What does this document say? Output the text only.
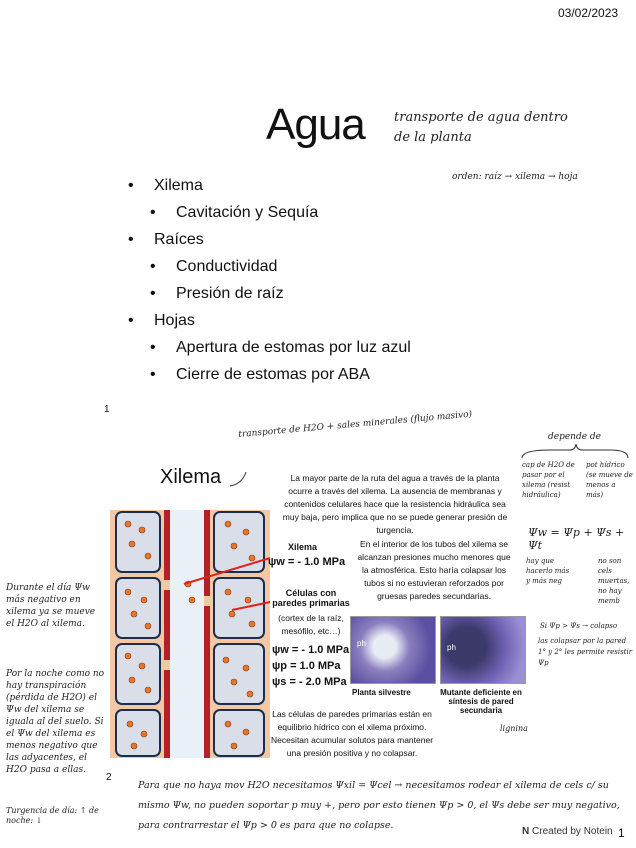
03/02/2023
Agua transporte de agua dentro
de la planta
orden: raíz → xilema → hoja
• Xilema
• Cavitación y Sequía
• Raíces
• Conductividad
• Presión de raíz
• Hojas
• Apertura de estomas por luz azul
• Cierre de estomas por ABA
1
transporte de H2O + sales minerales (flujo masivo)	depende de
Xilema	La mayor parte de la ruta del agua a través de la planta ocurre a través del xilema. La ausencia de membranas y contenidos celulares hace que la resistencia hidráulica sea muy baja, pero implica que no se puede generar presión de turgencia.
En el interior de los tubos del xilema se alcanzan presiones mucho menores que la atmosférica. Esto haría colapsar los tubos si no estuvieran reforzados por gruesas paredes secundarias.
Xilema
ψw = - 1.0 MPa
Células con paredes primarias
(cortex de la raíz, mesófilo, etc…)
ψw = - 1.0 MPa
ψp = 1.0 MPa
ψs = - 2.0 MPa
ph	ph
Planta silvestre	Mutante deficiente en síntesis de pared secundaria
Las células de paredes primarias están en equilibrio hídrico con el xilema próximo. Necesitan acumular solutos para mantener una presión positiva y no colapsar.
Durante el día Ψw más negativo en xilema ya se mueve el H2O al xilema.
Por la noche como no hay transpiración (pérdida de H2O) el Ψw del xilema se iguala al del suelo. Si el Ψw del xilema es menos negativo que las adyacentes, el H2O pasa a ellas.
Turgencia de día: ↑ de noche: ↓
2
cap de H2O de pasar por el xilema (resist hidráulica)
pot hídrico (se mueve de menos a más)
Ψw = Ψp + Ψs + Ψt
hay que hacerlo más y más neg
no son cels muertas, no hay memb
Si Ψp > Ψs → colapso
las colapsar por la pared 1° y 2° les permite resistir Ψp
lignina
Para que no haya mov H2O necesitamos Ψxil = Ψcel → necesitamos rodear el xilema de cels c/ su mismo Ψw, no pueden soportar p muy +, pero por esto tienen Ψp > 0, el Ψs debe ser muy negativo, para contrarrestar el Ψp > 0 es para que no colapse.
N Created by Notein 1
